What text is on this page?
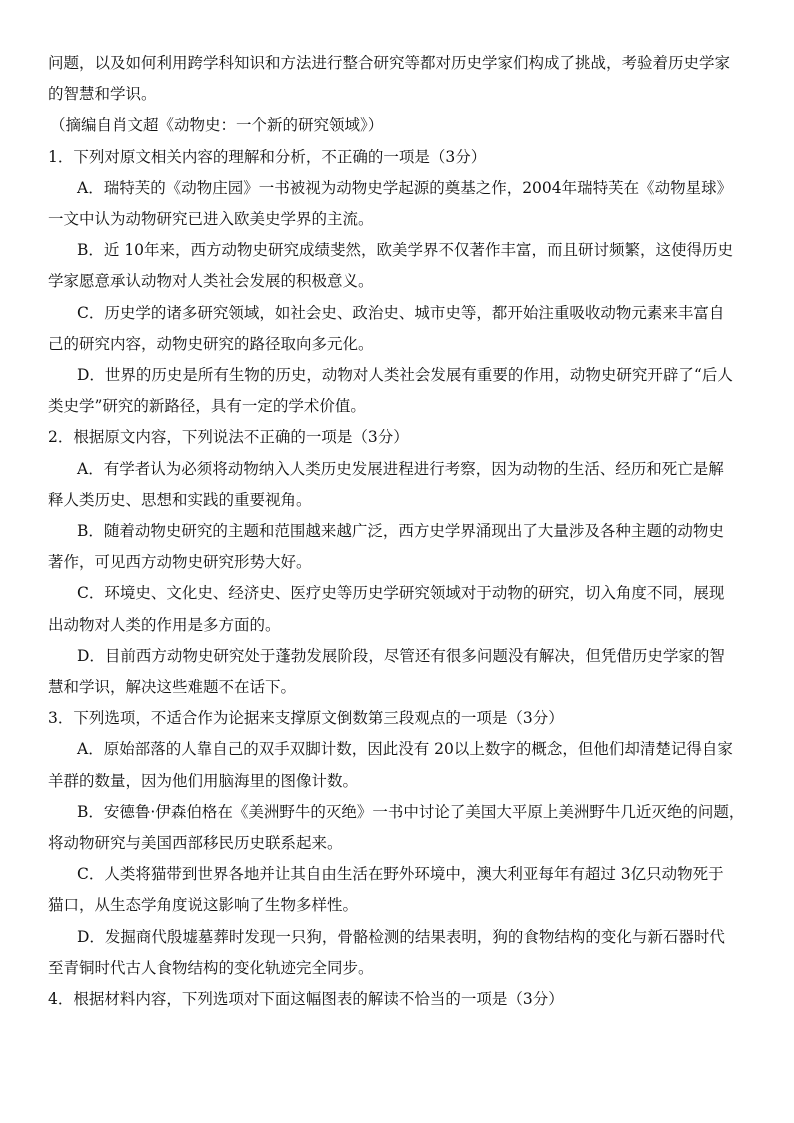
问题，以及如何利用跨学科知识和方法进行整合研究等都对历史学家们构成了挑战，考验着历史学家
的智慧和学识。
（摘编自肖文超《动物史：一个新的研究领域》）
1．下列对原文相关内容的理解和分析，不正确的一项是（3分）
A．瑞特芙的《动物庄园》一书被视为动物史学起源的奠基之作，2004年瑞特芙在《动物星球》
一文中认为动物研究已进入欧美史学界的主流。
B．近 10年来，西方动物史研究成绩斐然，欧美学界不仅著作丰富，而且研讨频繁，这使得历史
学家愿意承认动物对人类社会发展的积极意义。
C．历史学的诸多研究领域，如社会史、政治史、城市史等，都开始注重吸收动物元素来丰富自
己的研究内容，动物史研究的路径取向多元化。
D．世界的历史是所有生物的历史，动物对人类社会发展有重要的作用，动物史研究开辟了“后人
类史学”研究的新路径，具有一定的学术价值。
2．根据原文内容，下列说法不正确的一项是（3分）
A．有学者认为必须将动物纳入人类历史发展进程进行考察，因为动物的生活、经历和死亡是解
释人类历史、思想和实践的重要视角。
B．随着动物史研究的主题和范围越来越广泛，西方史学界涌现出了大量涉及各种主题的动物史
著作，可见西方动物史研究形势大好。
C．环境史、文化史、经济史、医疗史等历史学研究领域对于动物的研究，切入角度不同，展现
出动物对人类的作用是多方面的。
D．目前西方动物史研究处于蓬勃发展阶段，尽管还有很多问题没有解决，但凭借历史学家的智
慧和学识，解决这些难题不在话下。
3．下列选项，不适合作为论据来支撑原文倒数第三段观点的一项是（3分）
A．原始部落的人靠自己的双手双脚计数，因此没有 20以上数字的概念，但他们却清楚记得自家
羊群的数量，因为他们用脑海里的图像计数。
B．安德鲁·伊森伯格在《美洲野牛的灭绝》一书中讨论了美国大平原上美洲野牛几近灭绝的问题，
将动物研究与美国西部移民历史联系起来。
C．人类将猫带到世界各地并让其自由生活在野外环境中，澳大利亚每年有超过 3亿只动物死于
猫口，从生态学角度说这影响了生物多样性。
D．发掘商代殷墟墓葬时发现一只狗，骨骼检测的结果表明，狗的食物结构的变化与新石器时代
至青铜时代古人食物结构的变化轨迹完全同步。
4．根据材料内容，下列选项对下面这幅图表的解读不恰当的一项是（3分）
